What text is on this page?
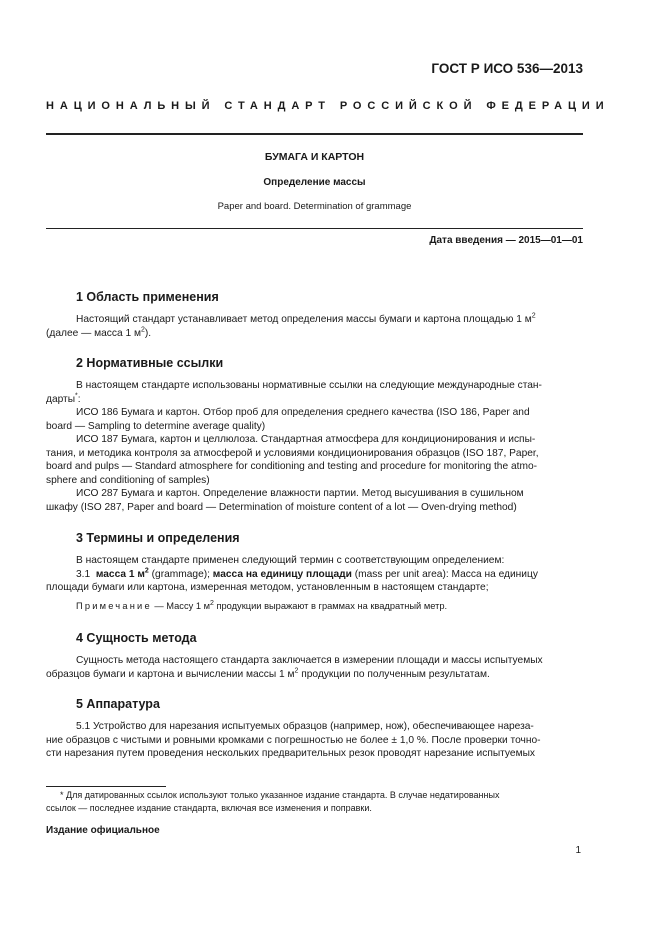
ГОСТ Р ИСО 536—2013
НАЦИОНАЛЬНЫЙ СТАНДАРТ РОССИЙСКОЙ ФЕДЕРАЦИИ
БУМАГА И КАРТОН
Определение массы
Paper and board. Determination of grammage
Дата введения — 2015—01—01
1 Область применения
Настоящий стандарт устанавливает метод определения массы бумаги и картона площадью 1 $м^2$
(далее — масса 1 $м^2$).
2 Нормативные ссылки
В настоящем стандарте использованы нормативные ссылки на следующие международные стан-
дарты*:
ИСО 186 Бумага и картон. Отбор проб для определения среднего качества (ISO 186, Paper and
board — Sampling to determine average quality)
ИСО 187 Бумага, картон и целлюлоза. Стандартная атмосфера для кондиционирования и испы-
тания, и методика контроля за атмосферой и условиями кондиционирования образцов (ISO 187, Paper,
board and pulps — Standard atmosphere for conditioning and testing and procedure for monitoring the atmo-
sphere and conditioning of samples)
ИСО 287 Бумага и картон. Определение влажности партии. Метод высушивания в сушильном
шкафу (ISO 287, Paper and board — Determination of moisture content of a lot — Oven-drying method)
3 Термины и определения
В настоящем стандарте применен следующий термин с соответствующим определением:
3.1 масса 1 $м^2$ (grammage); масса на единицу площади (mass per unit area): Масса на единицу
площади бумаги или картона, измеренная методом, установленным в настоящем стандарте;
Примечание — Массу 1 $м^2$ продукции выражают в граммах на квадратный метр.
4 Сущность метода
Сущность метода настоящего стандарта заключается в измерении площади и массы испытуемых
образцов бумаги и картона и вычислении массы 1 $м^2$ продукции по полученным результатам.
5 Аппаратура
5.1 Устройство для нарезания испытуемых образцов (например, нож), обеспечивающее нареза-
ние образцов с чистыми и ровными кромками с погрешностью не более ± 1,0 %. После проверки точно-
сти нарезания путем проведения нескольких предварительных резок проводят нарезание испытуемых
* Для датированных ссылок используют только указанное издание стандарта. В случае недатированных
ссылок — последнее издание стандарта, включая все изменения и поправки.
Издание официальное
1
